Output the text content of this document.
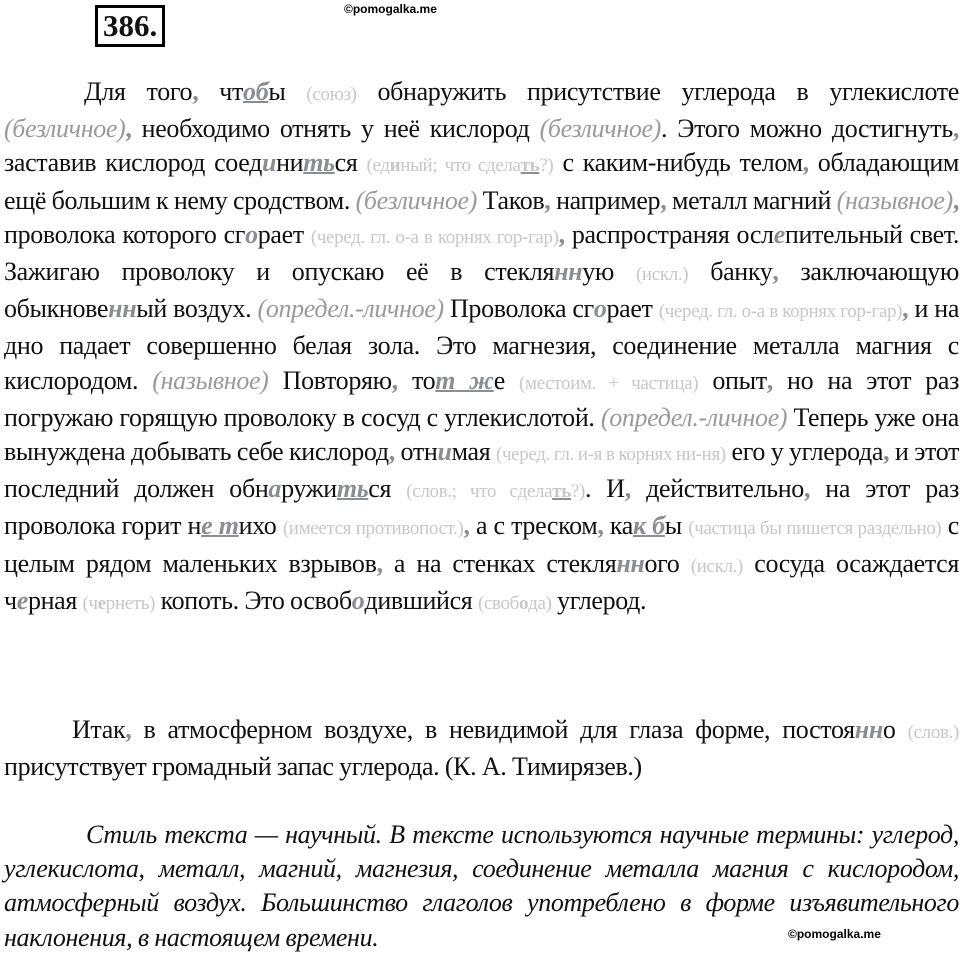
386.	©pomogalka.me

Для того, чтобы (союз) обнаружить присутствие углерода в углекислоте (безличное), необходимо отнять у неё кислород (безличное). Этого можно достигнуть, заставив кислород соединиться (единый; что сделать?) с каким-нибудь телом, обладающим ещё большим к нему сродством. (безличное) Таков, например, металл магний (назывное), проволока которого сгорает (черед. гл. о-а в корнях гор-гар), распространяя ослепительный свет. Зажигаю проволоку и опускаю её в стеклянную (искл.) банку, заключающую обыкновенный воздух. (определ.-личное) Проволока сгорает (черед. гл. о-а в корнях гор-гар), и на дно падает совершенно белая зола. Это магнезия, соединение металла магния с кислородом. (назывное) Повторяю, тот же (местоим. + частица) опыт, но на этот раз погружаю горящую проволоку в сосуд с углекислотой. (определ.-личное) Теперь уже она вынуждена добывать себе кислород, отнимая (черед. гл. и-я в корнях ни-ня) его у углерода, и этот последний должен обнаружиться (слов.; что сделать?). И, действительно, на этот раз проволока горит не тихо (имеется противопост.), а с треском, как бы (частица бы пишется раздельно) с целым рядом маленьких взрывов, а на стенках стеклянного (искл.) сосуда осаждается черная (чернеть) копоть. Это освободившийся (свобода) углерод.

Итак, в атмосферном воздухе, в невидимой для глаза форме, постоянно (слов.) присутствует громадный запас углерода. (К. А. Тимирязев.)

Стиль текста — научный. В тексте используются научные термины: углерод, углекислота, металл, магний, магнезия, соединение металла магния с кислородом, атмосферный воздух. Большинство глаголов употреблено в форме изъявительного наклонения, в настоящем времени.	©pomogalka.me
